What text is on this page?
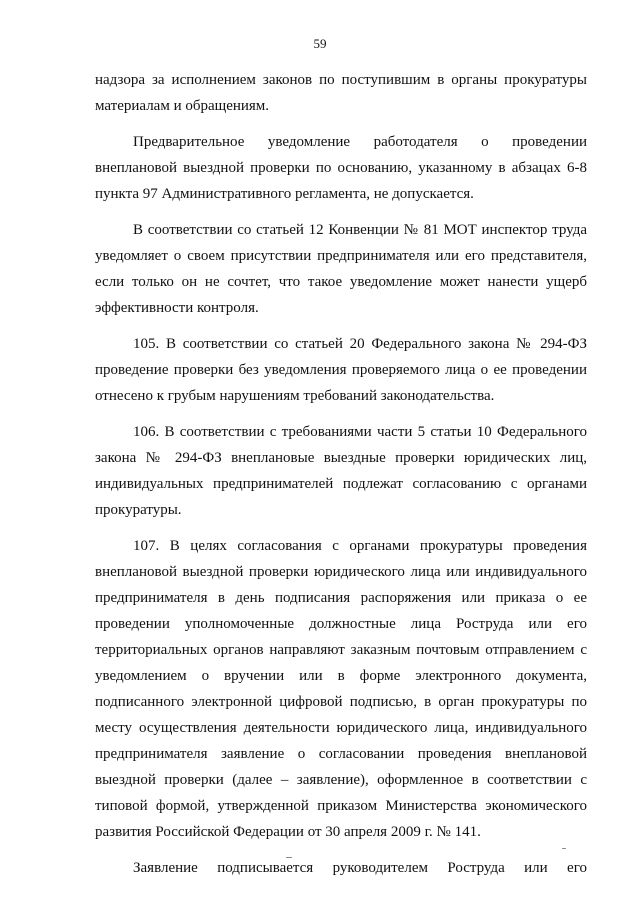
59

надзора за исполнением законов по поступившим в органы прокуратуры материалам и обращениям.

Предварительное уведомление работодателя о проведении внеплановой выездной проверки по основанию, указанному в абзацах 6-8 пункта 97 Административного регламента, не допускается.

В соответствии со статьей 12 Конвенции № 81 МОТ инспектор труда уведомляет о своем присутствии предпринимателя или его представителя, если только он не сочтет, что такое уведомление может нанести ущерб эффективности контроля.

105. В соответствии со статьей 20 Федерального закона № 294-ФЗ проведение проверки без уведомления проверяемого лица о ее проведении отнесено к грубым нарушениям требований законодательства.

106. В соответствии с требованиями части 5 статьи 10 Федерального закона № 294-ФЗ внеплановые выездные проверки юридических лиц, индивидуальных предпринимателей подлежат согласованию с органами прокуратуры.

107. В целях согласования с органами прокуратуры проведения внеплановой выездной проверки юридического лица или индивидуального предпринимателя в день подписания распоряжения или приказа о ее проведении уполномоченные должностные лица Роструда или его территориальных органов направляют заказным почтовым отправлением с уведомлением о вручении или в форме электронного документа, подписанного электронной цифровой подписью, в орган прокуратуры по месту осуществления деятельности юридического лица, индивидуального предпринимателя заявление о согласовании проведения внеплановой выездной проверки (далее – заявление), оформленное в соответствии с типовой формой, утвержденной приказом Министерства экономического развития Российской Федерации от 30 апреля 2009 г. № 141.

Заявление подписывается руководителем Роструда или его
